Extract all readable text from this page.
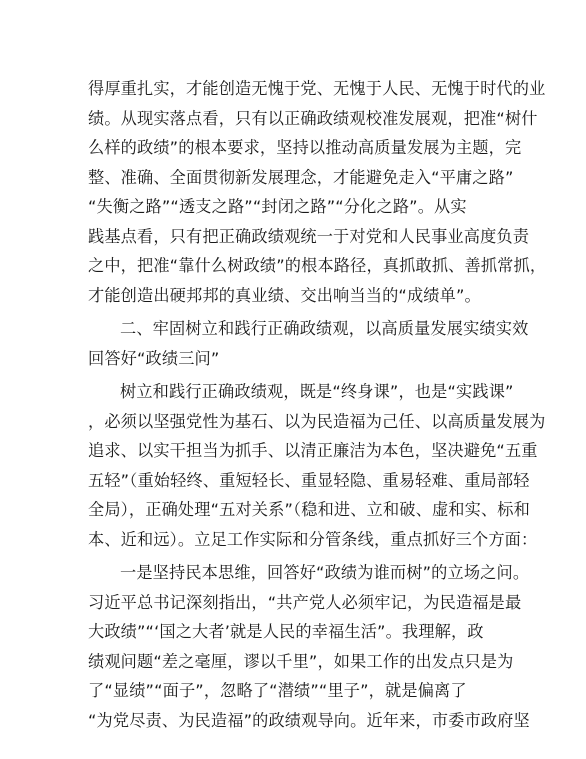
得厚重扎实，才能创造无愧于党、无愧于人民、无愧于时代的业
绩。从现实落点看，只有以正确政绩观校准发展观，把准“树什
么样的政绩”的根本要求，坚持以推动高质量发展为主题，完
整、准确、全面贯彻新发展理念，才能避免走入“平庸之路”
“失衡之路”“透支之路”“封闭之路”“分化之路”。从实
践基点看，只有把正确政绩观统一于对党和人民事业高度负责
之中，把准“靠什么树政绩”的根本路径，真抓敢抓、善抓常抓，
才能创造出硬邦邦的真业绩、交出响当当的“成绩单”。
二、牢固树立和践行正确政绩观，以高质量发展实绩实效
回答好“政绩三问”
树立和践行正确政绩观，既是“终身课”，也是“实践课”
，必须以坚强党性为基石、以为民造福为己任、以高质量发展为
追求、以实干担当为抓手、以清正廉洁为本色，坚决避免“五重
五轻”（重始轻终、重短轻长、重显轻隐、重易轻难、重局部轻
全局），正确处理“五对关系”（稳和进、立和破、虚和实、标和
本、近和远）。立足工作实际和分管条线，重点抓好三个方面：
一是坚持民本思维，回答好“政绩为谁而树”的立场之问。
习近平总书记深刻指出，“共产党人必须牢记，为民造福是最
大政绩”“‘国之大者’就是人民的幸福生活”。我理解，政
绩观问题“差之毫厘，谬以千里”，如果工作的出发点只是为
了“显绩”“面子”，忽略了“潜绩”“里子”，就是偏离了
“为党尽责、为民造福”的政绩观导向。近年来，市委市政府坚
